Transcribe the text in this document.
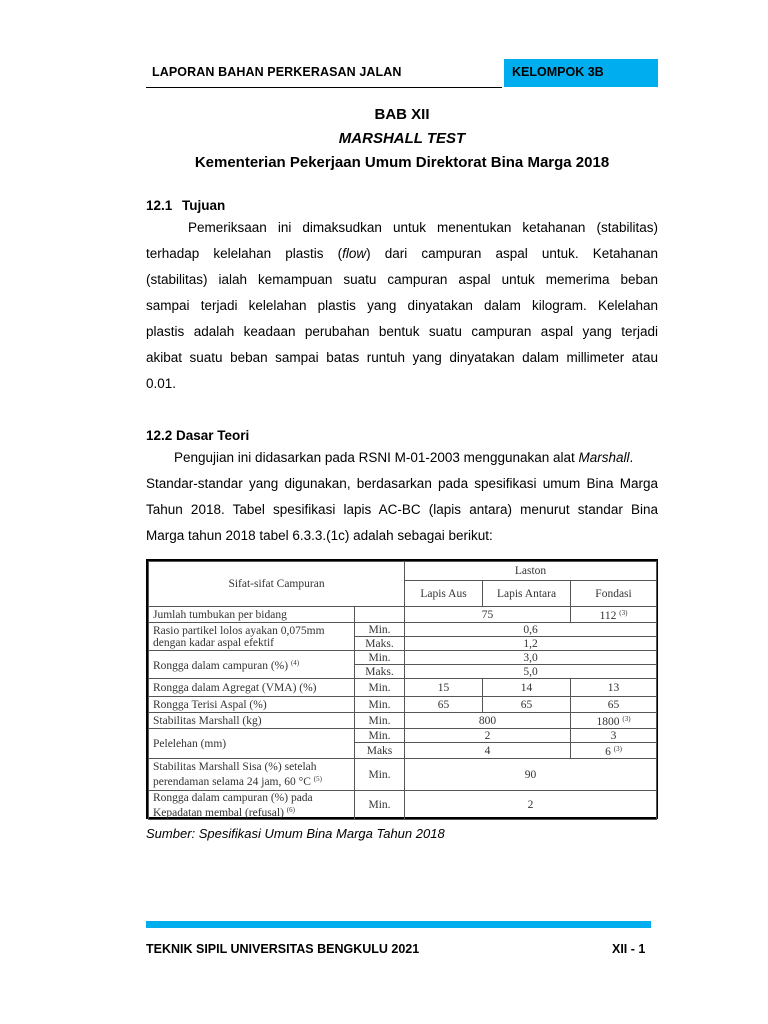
LAPORAN BAHAN PERKERASAN JALAN	KELOMPOK 3B
BAB XII
MARSHALL TEST
Kementerian Pekerjaan Umum Direktorat Bina Marga 2018
12.1 Tujuan
Pemeriksaan ini dimaksudkan untuk menentukan ketahanan (stabilitas)
terhadap kelelahan plastis (flow) dari campuran aspal untuk. Ketahanan
(stabilitas) ialah kemampuan suatu campuran aspal untuk memerima beban
sampai terjadi kelelahan plastis yang dinyatakan dalam kilogram. Kelelahan
plastis adalah keadaan perubahan bentuk suatu campuran aspal yang terjadi
akibat suatu beban sampai batas runtuh yang dinyatakan dalam millimeter atau
0.01.
12.2 Dasar Teori
Pengujian ini didasarkan pada RSNI M-01-2003 menggunakan alat Marshall.
Standar-standar yang digunakan, berdasarkan pada spesifikasi umum Bina Marga
Tahun 2018. Tabel spesifikasi lapis AC-BC (lapis antara) menurut standar Bina
Marga tahun 2018 tabel 6.3.3.(1c) adalah sebagai berikut:
Sifat-sifat Campuran		Laston		
		Lapis Aus	Lapis Antara	Fondasi
Jumlah tumbukan per bidang		75		112 $^{(3)}$
Rasio partikel lolos ayakan 0,075mm dengan kadar aspal efektif	Min.	0,6		
	Maks.	1,2		
Rongga dalam campuran (%) $^{(4)}$	Min.	3,0		
	Maks.	5,0		
Rongga dalam Agregat (VMA) (%)	Min.	15	14	13
Rongga Terisi Aspal (%)	Min.	65	65	65
Stabilitas Marshall (kg)	Min.	800		1800 $^{(3)}$
Pelelehan (mm)	Min.	2		3
	Maks	4		6 $^{(3)}$
Stabilitas Marshall Sisa (%) setelah perendaman selama 24 jam, 60 °C $^{(5)}$	Min.	90		
Rongga dalam campuran (%) pada Kepadatan membal (refusal) $^{(6)}$	Min.	2		
Sumber: Spesifikasi Umum Bina Marga Tahun 2018
TEKNIK SIPIL UNIVERSITAS BENGKULU 2021	XII - 1
